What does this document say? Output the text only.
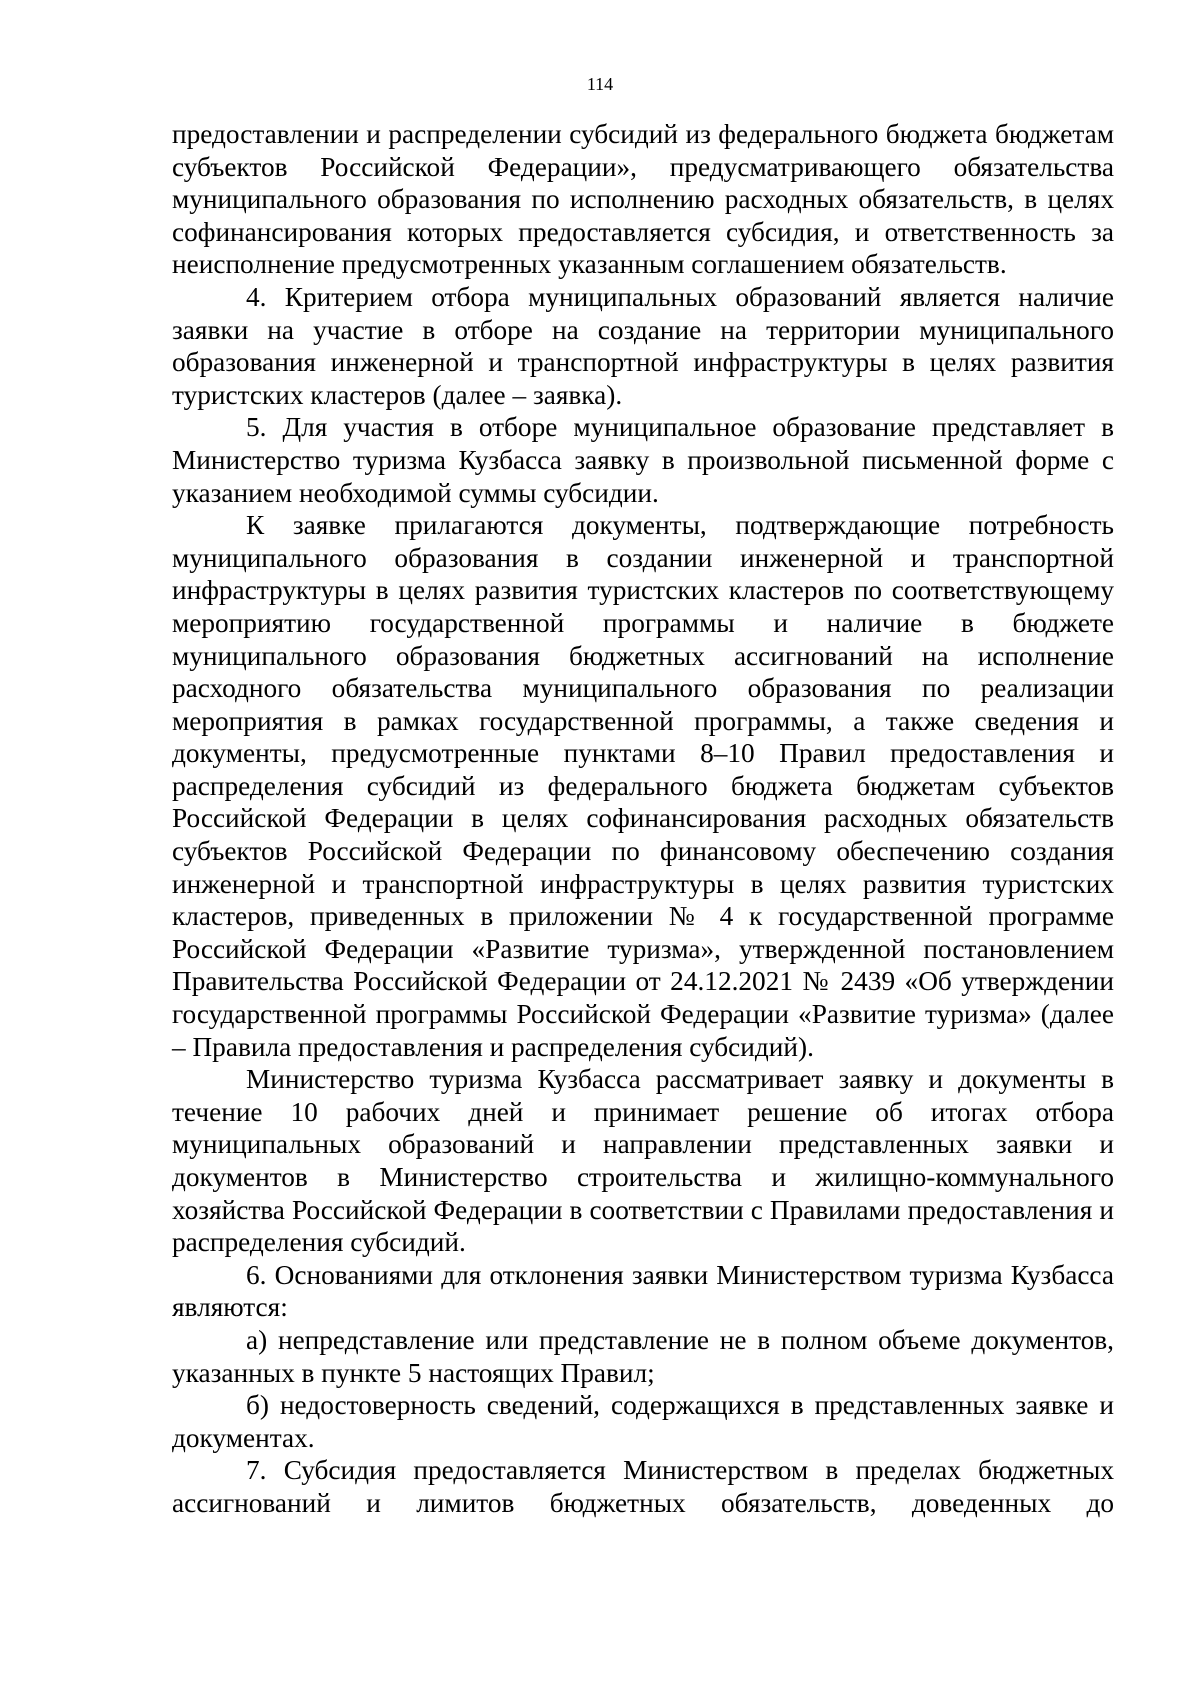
114

предоставлении и распределении субсидий из федерального бюджета бюджетам субъектов Российской Федерации», предусматривающего обязательства муниципального образования по исполнению расходных обязательств, в целях софинансирования которых предоставляется субсидия, и ответственность за неисполнение предусмотренных указанным соглашением обязательств.

4. Критерием отбора муниципальных образований является наличие заявки на участие в отборе на создание на территории муниципального образования инженерной и транспортной инфраструктуры в целях развития туристских кластеров (далее – заявка).

5. Для участия в отборе муниципальное образование представляет в Министерство туризма Кузбасса заявку в произвольной письменной форме с указанием необходимой суммы субсидии.

К заявке прилагаются документы, подтверждающие потребность муниципального образования в создании инженерной и транспортной инфраструктуры в целях развития туристских кластеров по соответствующему мероприятию государственной программы и наличие в бюджете муниципального образования бюджетных ассигнований на исполнение расходного обязательства муниципального образования по реализации мероприятия в рамках государственной программы, а также сведения и документы, предусмотренные пунктами 8–10 Правил предоставления и распределения субсидий из федерального бюджета бюджетам субъектов Российской Федерации в целях софинансирования расходных обязательств субъектов Российской Федерации по финансовому обеспечению создания инженерной и транспортной инфраструктуры в целях развития туристских кластеров, приведенных в приложении № 4 к государственной программе Российской Федерации «Развитие туризма», утвержденной постановлением Правительства Российской Федерации от 24.12.2021 № 2439 «Об утверждении государственной программы Российской Федерации «Развитие туризма» (далее – Правила предоставления и распределения субсидий).

Министерство туризма Кузбасса рассматривает заявку и документы в течение 10 рабочих дней и принимает решение об итогах отбора муниципальных образований и направлении представленных заявки и документов в Министерство строительства и жилищно-коммунального хозяйства Российской Федерации в соответствии с Правилами предоставления и распределения субсидий.

6. Основаниями для отклонения заявки Министерством туризма Кузбасса являются:

а) непредставление или представление не в полном объеме документов, указанных в пункте 5 настоящих Правил;

б) недостоверность сведений, содержащихся в представленных заявке и документах.

7. Субсидия предоставляется Министерством в пределах бюджетных ассигнований и лимитов бюджетных обязательств, доведенных до
